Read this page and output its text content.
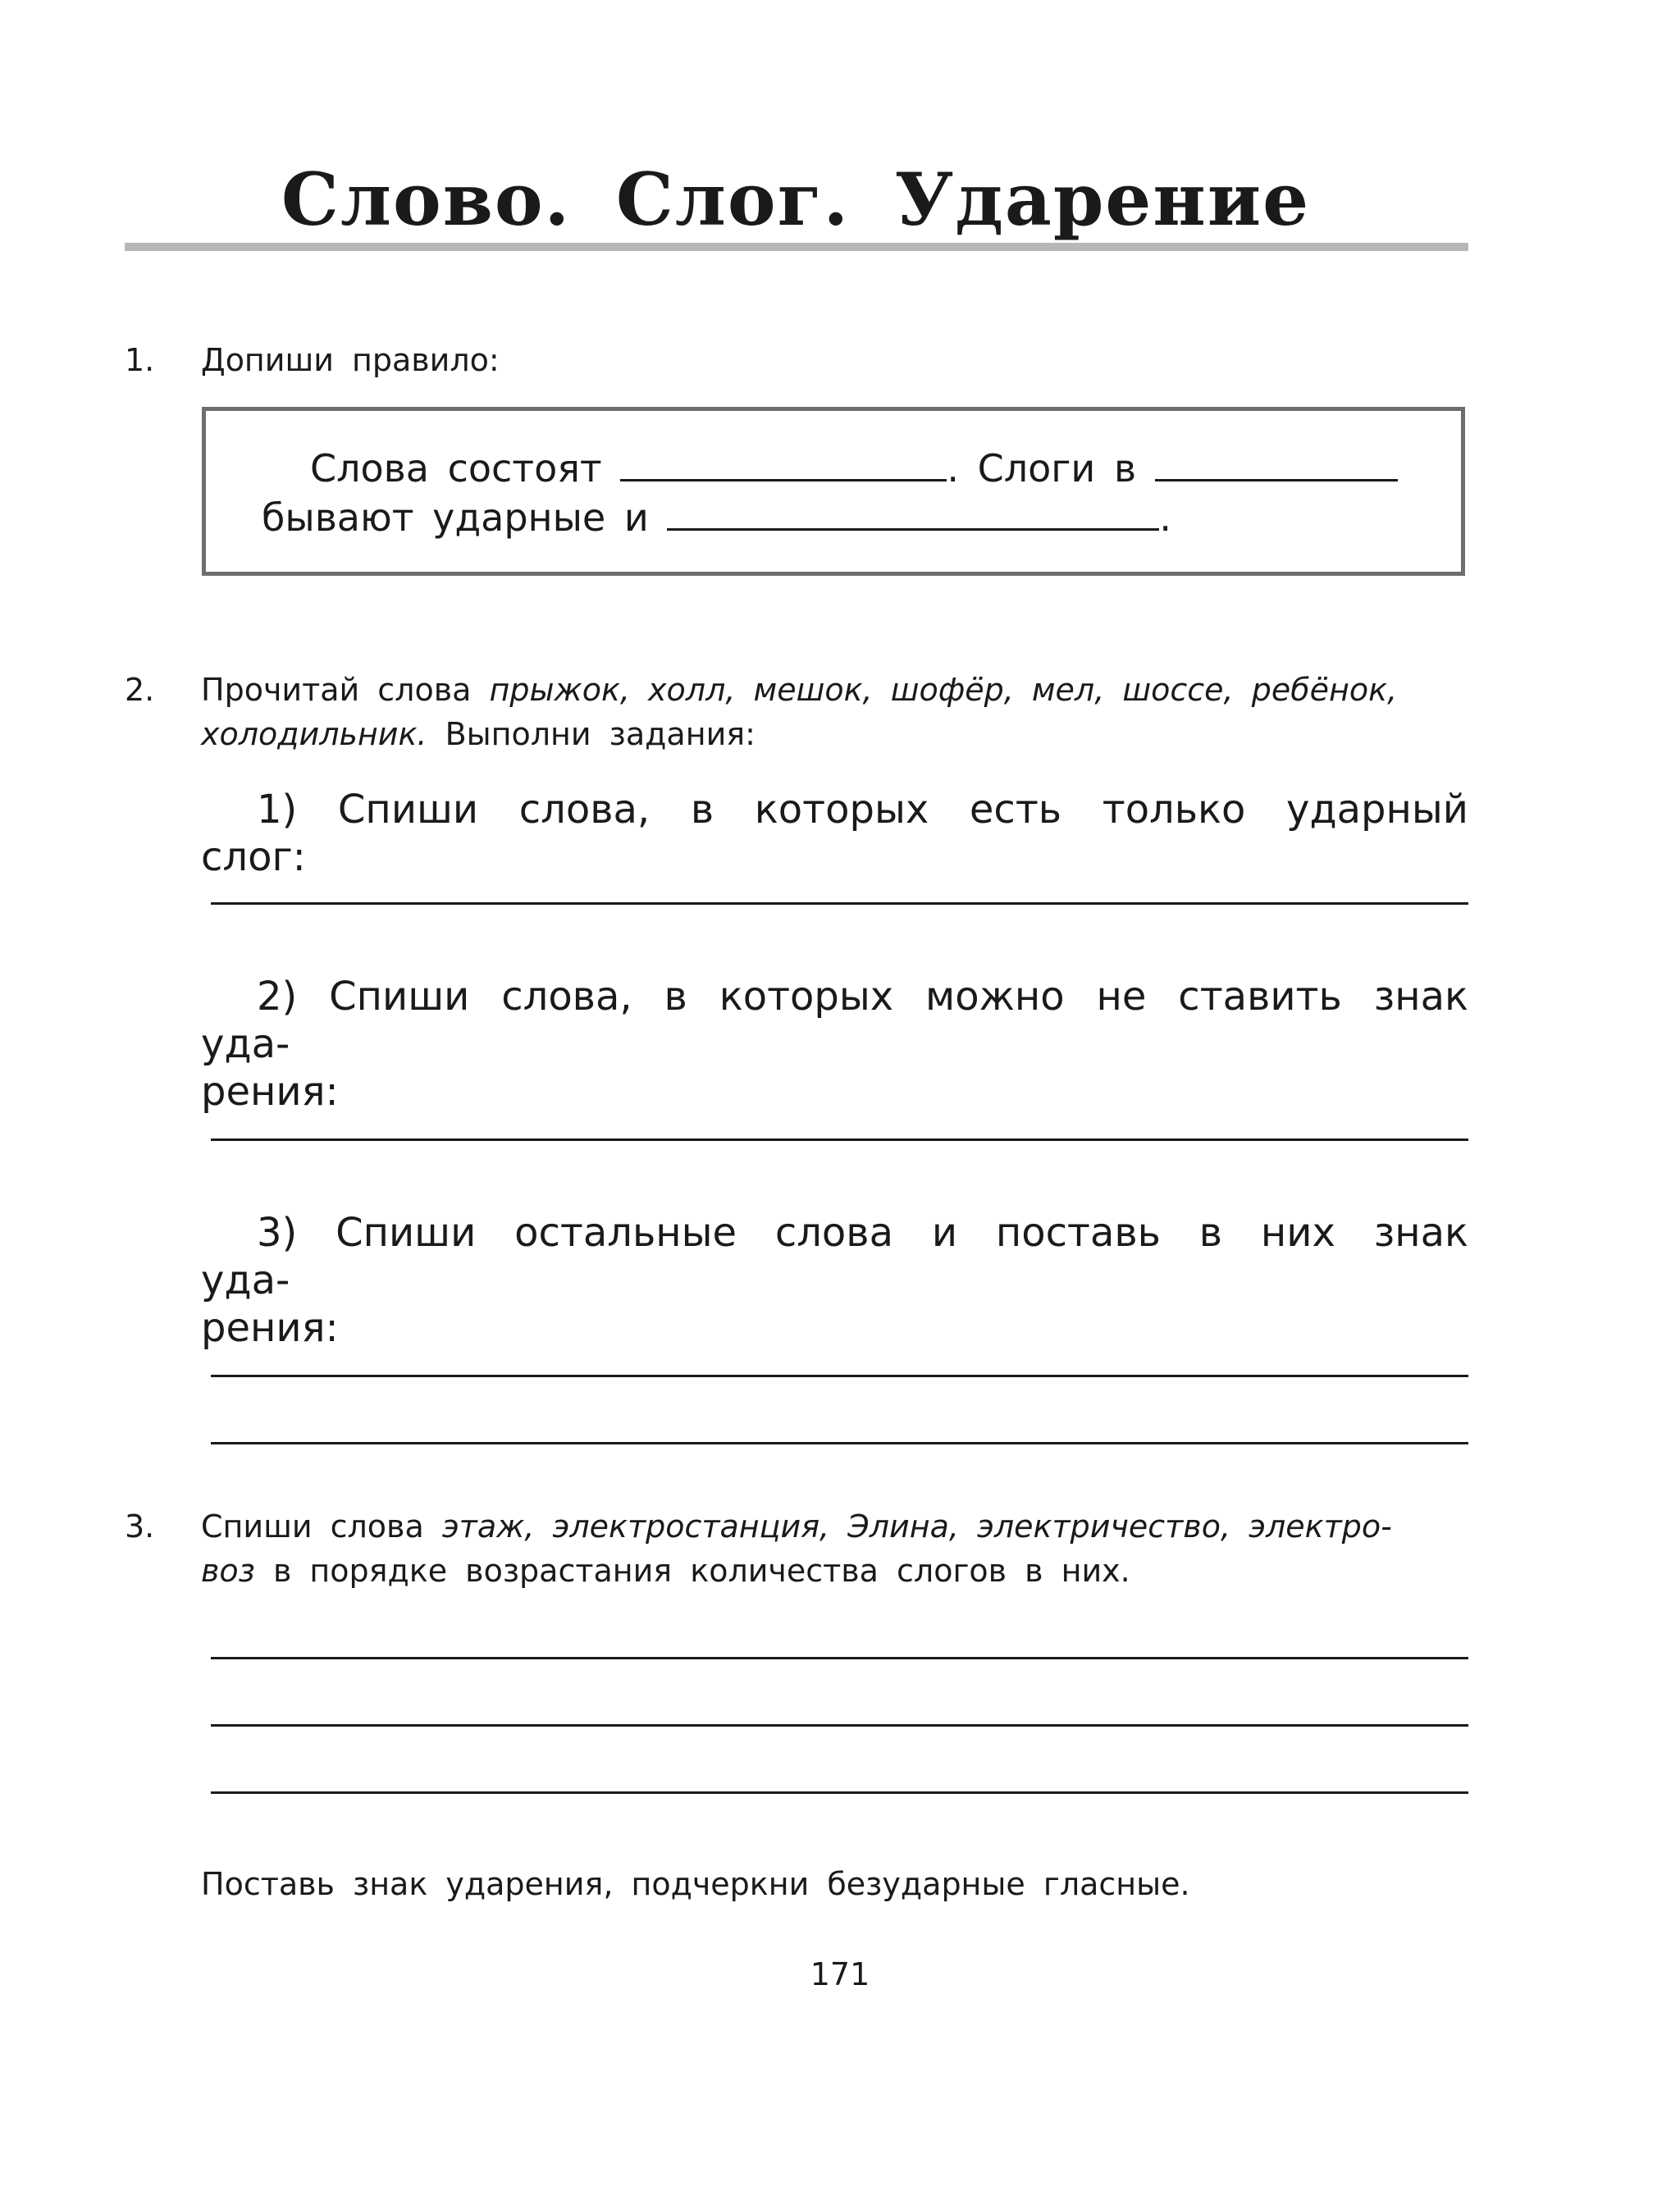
Слово. Слог. Ударение
1. Допиши правило:
Слова состоят	. Слоги в
бывают ударные и	.
2. Прочитай слова прыжок, холл, мешок, шофёр, мел, шоссе, ребёнок,
холодильник. Выполни задания:
1) Спиши слова, в которых есть только ударный слог:
2) Спиши слова, в которых можно не ставить знак уда-
рения:
3) Спиши остальные слова и поставь в них знак уда-
рения:
3. Спиши слова этаж, электростанция, Элина, электричество, электро-
воз в порядке возрастания количества слогов в них.
Поставь знак ударения, подчеркни безударные гласные.
171
